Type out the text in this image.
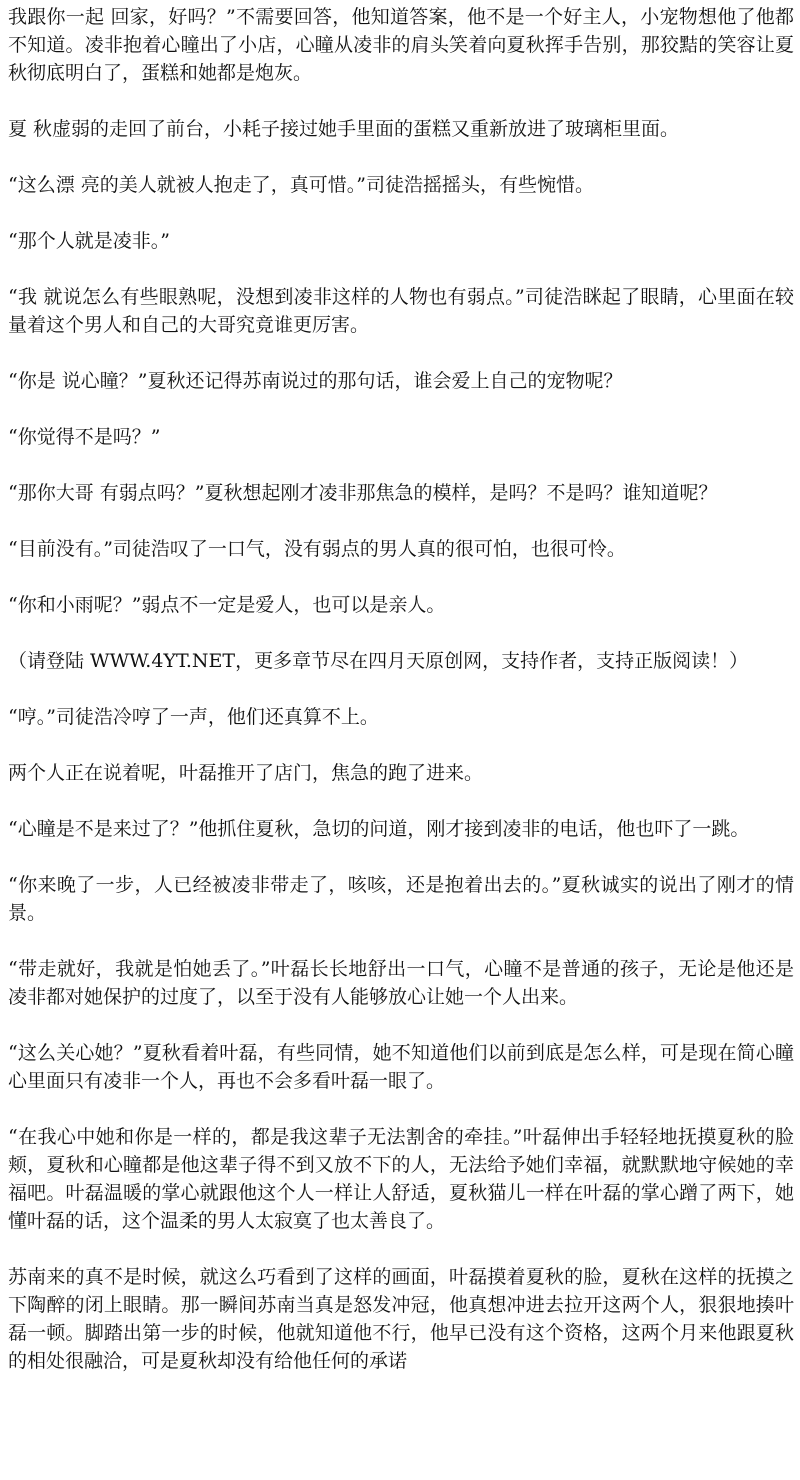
我跟你一起 回家，好吗？”不需要回答，他知道答案，他不是一个好主人，小宠物想他了他都不知道。凌非抱着心瞳出了小店，心瞳从凌非的肩头笑着向夏秋挥手告别，那狡黠的笑容让夏秋彻底明白了，蛋糕和她都是炮灰。

夏 秋虚弱的走回了前台，小耗子接过她手里面的蛋糕又重新放进了玻璃柜里面。

“这么漂 亮的美人就被人抱走了，真可惜。”司徒浩摇摇头，有些惋惜。

“那个人就是凌非。”

“我 就说怎么有些眼熟呢，没想到凌非这样的人物也有弱点。”司徒浩眯起了眼睛，心里面在较量着这个男人和自己的大哥究竟谁更厉害。

“你是 说心瞳？”夏秋还记得苏南说过的那句话，谁会爱上自己的宠物呢？

“你觉得不是吗？”

“那你大哥 有弱点吗？”夏秋想起刚才凌非那焦急的模样，是吗？不是吗？谁知道呢？

“目前没有。”司徒浩叹了一口气，没有弱点的男人真的很可怕，也很可怜。

“你和小雨呢？”弱点不一定是爱人，也可以是亲人。

（请登陆 WWW.4YT.NET，更多章节尽在四月天原创网，支持作者，支持正版阅读！）

“哼。”司徒浩冷哼了一声，他们还真算不上。

两个人正在说着呢，叶磊推开了店门，焦急的跑了进来。

“心瞳是不是来过了？”他抓住夏秋，急切的问道，刚才接到凌非的电话，他也吓了一跳。

“你来晚了一步，人已经被凌非带走了，咳咳，还是抱着出去的。”夏秋诚实的说出了刚才的情景。

“带走就好，我就是怕她丢了。”叶磊长长地舒出一口气，心瞳不是普通的孩子，无论是他还是凌非都对她保护的过度了，以至于没有人能够放心让她一个人出来。

“这么关心她？”夏秋看着叶磊，有些同情，她不知道他们以前到底是怎么样，可是现在简心瞳心里面只有凌非一个人，再也不会多看叶磊一眼了。

“在我心中她和你是一样的，都是我这辈子无法割舍的牵挂。”叶磊伸出手轻轻地抚摸夏秋的脸颊，夏秋和心瞳都是他这辈子得不到又放不下的人，无法给予她们幸福，就默默地守候她的幸福吧。叶磊温暖的掌心就跟他这个人一样让人舒适，夏秋猫儿一样在叶磊的掌心蹭了两下，她懂叶磊的话，这个温柔的男人太寂寞了也太善良了。

苏南来的真不是时候，就这么巧看到了这样的画面，叶磊摸着夏秋的脸，夏秋在这样的抚摸之下陶醉的闭上眼睛。那一瞬间苏南当真是怒发冲冠，他真想冲进去拉开这两个人，狠狠地揍叶磊一顿。脚踏出第一步的时候，他就知道他不行，他早已没有这个资格，这两个月来他跟夏秋的相处很融洽，可是夏秋却没有给他任何的承诺
